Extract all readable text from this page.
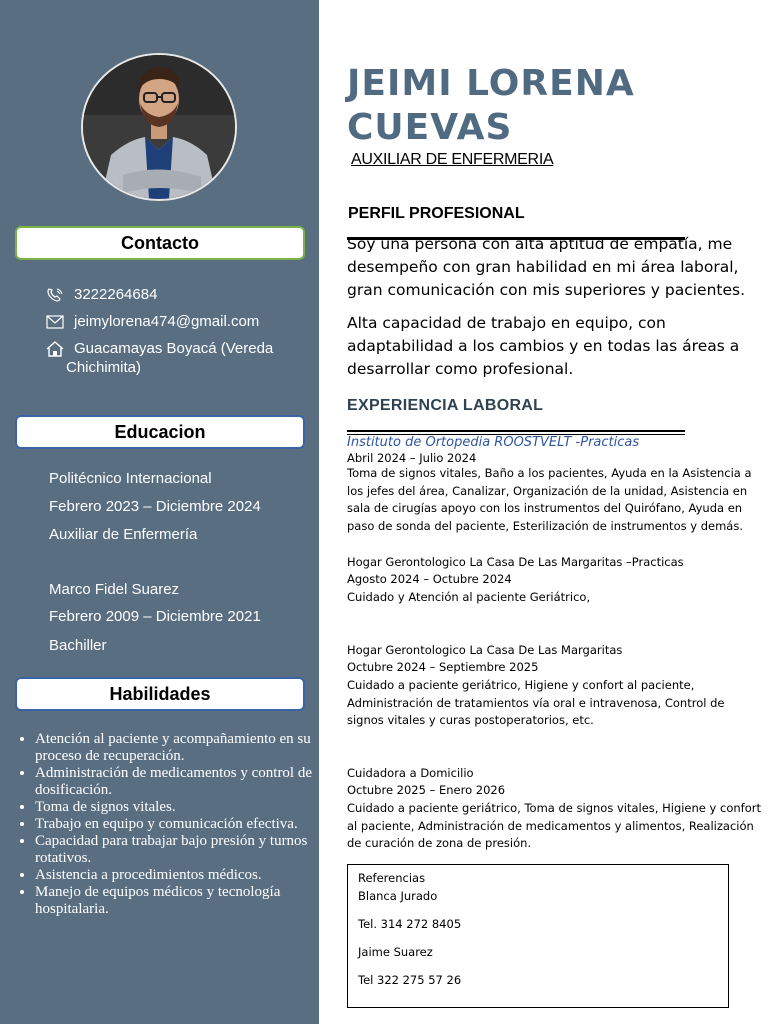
Contacto
3222264684
jeimylorena474@gmail.com
Guacamayas Boyacá (Vereda
Chichimita)
Educacion
Politécnico Internacional
Febrero 2023 – Diciembre 2024
Auxiliar de Enfermería
Marco Fidel Suarez
Febrero 2009 – Diciembre 2021
Bachiller
Habilidades
• Atención al paciente y acompañamiento en su proceso de recuperación.
• Administración de medicamentos y control de dosificación.
• Toma de signos vitales.
• Trabajo en equipo y comunicación efectiva.
• Capacidad para trabajar bajo presión y turnos rotativos.
• Asistencia a procedimientos médicos.
• Manejo de equipos médicos y tecnología hospitalaria.
JEIMI LORENA CUEVAS
AUXILIAR DE ENFERMERIA
PERFIL PROFESIONAL
Soy una persona con alta aptitud de empatía, me desempeño con gran habilidad en mi área laboral, gran comunicación con mis superiores y pacientes.
Alta capacidad de trabajo en equipo, con adaptabilidad a los cambios y en todas las áreas a desarrollar como profesional.
EXPERIENCIA LABORAL
Instituto de Ortopedia ROOSTVELT -Practicas
Abril 2024 – Julio 2024
Toma de signos vitales, Baño a los pacientes, Ayuda en la Asistencia a los jefes del área, Canalizar, Organización de la unidad, Asistencia en sala de cirugías apoyo con los instrumentos del Quirófano, Ayuda en paso de sonda del paciente, Esterilización de instrumentos y demás.
Hogar Gerontologico La Casa De Las Margaritas –Practicas
Agosto 2024 – Octubre 2024
Cuidado y Atención al paciente Geriátrico,
Hogar Gerontologico La Casa De Las Margaritas
Octubre 2024 – Septiembre 2025
Cuidado a paciente geriátrico, Higiene y confort al paciente, Administración de tratamientos vía oral e intravenosa, Control de signos vitales y curas postoperatorios, etc.
Cuidadora a Domicilio
Octubre 2025 – Enero 2026
Cuidado a paciente geriátrico, Toma de signos vitales, Higiene y confort al paciente, Administración de medicamentos y alimentos, Realización de curación de zona de presión.
Referencias
Blanca Jurado
Tel. 314 272 8405
Jaime Suarez
Tel 322 275 57 26
